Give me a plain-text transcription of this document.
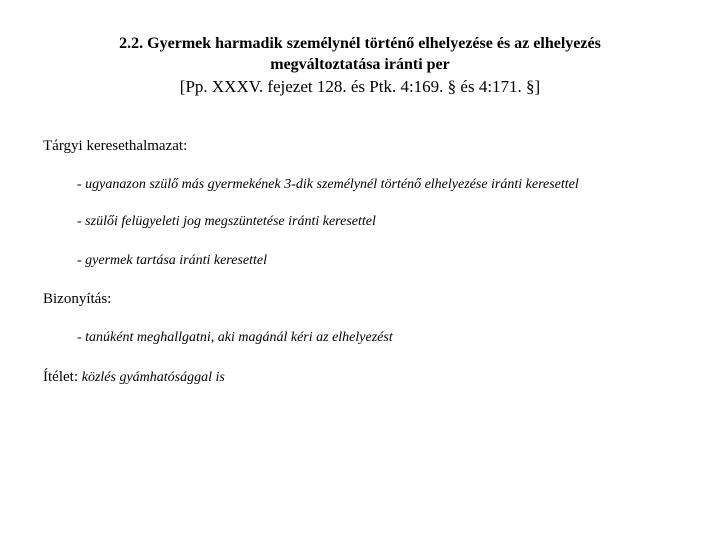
2.2. Gyermek harmadik személynél történő elhelyezése és az elhelyezés
megváltoztatása iránti per
[Pp. XXXV. fejezet 128. és Ptk. 4:169. § és 4:171. §]
Tárgyi keresethalmazat:
- ugyanazon szülő más gyermekének 3-dik személynél történő elhelyezése iránti keresettel
- szülői felügyeleti jog megszüntetése iránti keresettel
- gyermek tartása iránti keresettel
Bizonyítás:
- tanúként meghallgatni, aki magánál kéri az elhelyezést
Ítélet: közlés gyámhatósággal is
